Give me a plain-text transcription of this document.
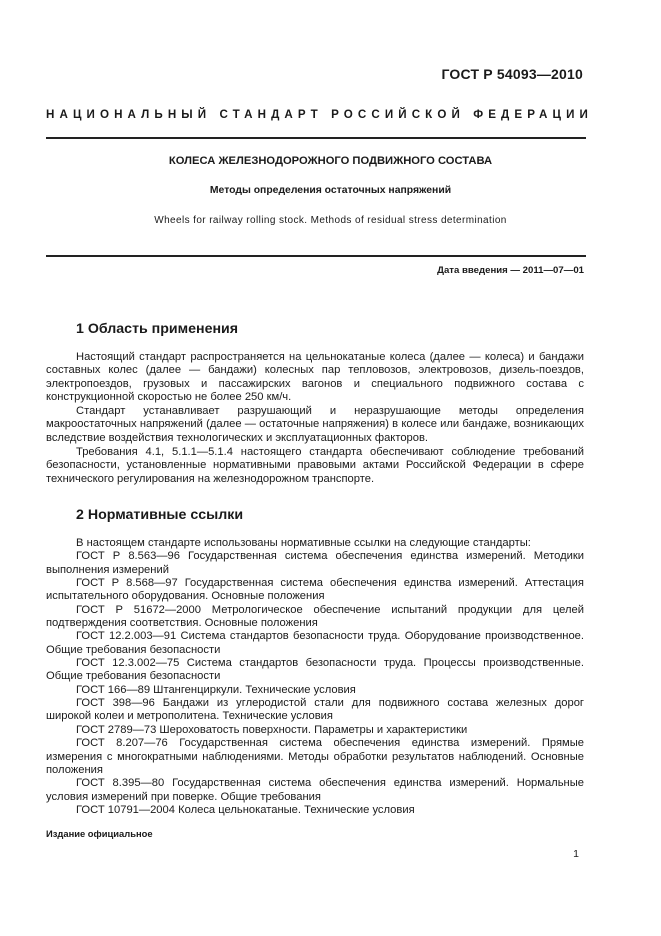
ГОСТ Р 54093—2010
НАЦИОНАЛЬНЫЙ СТАНДАРТ РОССИЙСКОЙ ФЕДЕРАЦИИ
КОЛЕСА ЖЕЛЕЗНОДОРОЖНОГО ПОДВИЖНОГО СОСТАВА
Методы определения остаточных напряжений
Wheels for railway rolling stock. Methods of residual stress determination
Дата введения — 2011—07—01
1 Область применения

Настоящий стандарт распространяется на цельнокатаные колеса (далее — колеса) и бандажи составных колес (далее — бандажи) колесных пар тепловозов, электровозов, дизель-поездов, электропоездов, грузовых и пассажирских вагонов и специального подвижного состава с конструкционной скоростью не более 250 км/ч.

Стандарт устанавливает разрушающий и неразрушающие методы определения макроостаточных напряжений (далее — остаточные напряжения) в колесе или бандаже, возникающих вследствие воздействия технологических и эксплуатационных факторов.

Требования 4.1, 5.1.1—5.1.4 настоящего стандарта обеспечивают соблюдение требований безопасности, установленные нормативными правовыми актами Российской Федерации в сфере технического регулирования на железнодорожном транспорте.

2 Нормативные ссылки
В настоящем стандарте использованы нормативные ссылки на следующие стандарты:
ГОСТ Р 8.563—96 Государственная система обеспечения единства измерений. Методики выполнения измерений
ГОСТ Р 8.568—97 Государственная система обеспечения единства измерений. Аттестация испытательного оборудования. Основные положения
ГОСТ Р 51672—2000 Метрологическое обеспечение испытаний продукции для целей подтверждения соответствия. Основные положения
ГОСТ 12.2.003—91 Система стандартов безопасности труда. Оборудование производственное. Общие требования безопасности
ГОСТ 12.3.002—75 Система стандартов безопасности труда. Процессы производственные. Общие требования безопасности
ГОСТ 166—89 Штангенциркули. Технические условия
ГОСТ 398—96 Бандажи из углеродистой стали для подвижного состава железных дорог широкой колеи и метрополитена. Технические условия
ГОСТ 2789—73 Шероховатость поверхности. Параметры и характеристики
ГОСТ 8.207—76 Государственная система обеспечения единства измерений. Прямые измерения с многократными наблюдениями. Методы обработки результатов наблюдений. Основные положения
ГОСТ 8.395—80 Государственная система обеспечения единства измерений. Нормальные условия измерений при поверке. Общие требования
ГОСТ 10791—2004 Колеса цельнокатаные. Технические условия
Издание официальное
1
